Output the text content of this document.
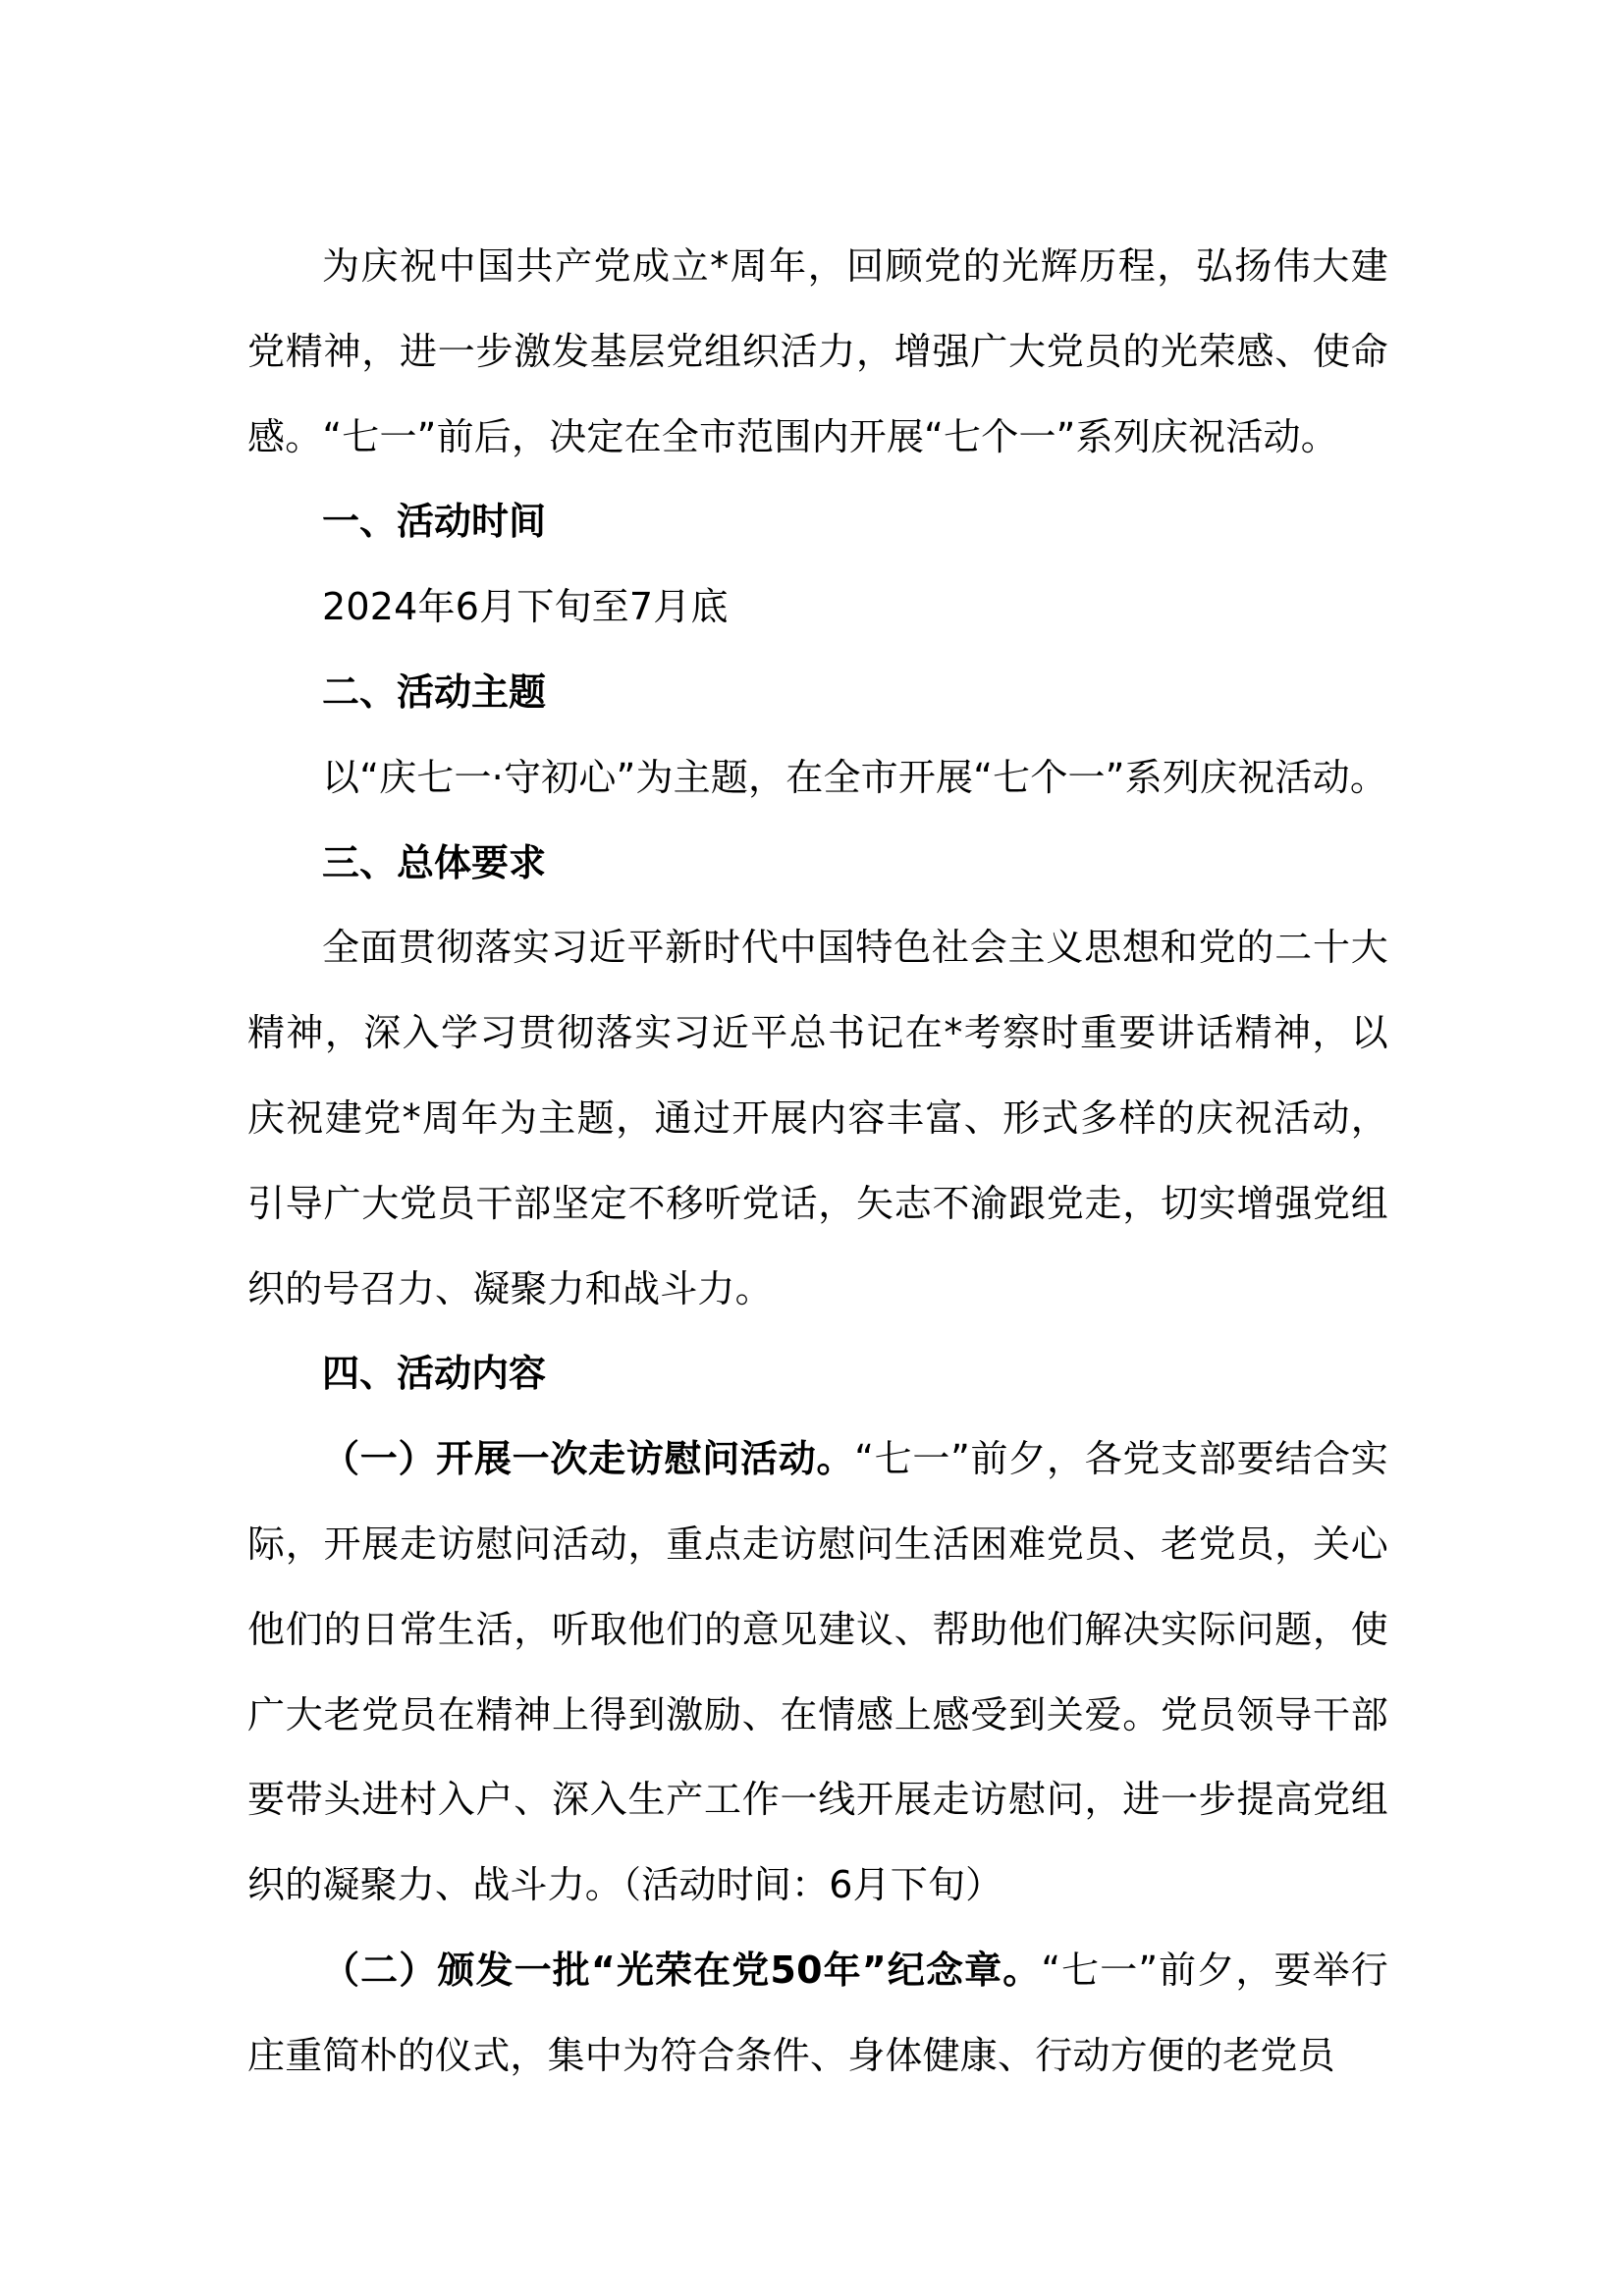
为庆祝中国共产党成立*周年，回顾党的光辉历程，弘扬伟大建党精神，进一步激发基层党组织活力，增强广大党员的光荣感、使命感。“七一”前后，决定在全市范围内开展“七个一”系列庆祝活动。

一、活动时间

2024年6月下旬至7月底

二、活动主题

以“庆七一·守初心”为主题，在全市开展“七个一”系列庆祝活动。

三、总体要求

全面贯彻落实习近平新时代中国特色社会主义思想和党的二十大精神，深入学习贯彻落实习近平总书记在*考察时重要讲话精神，以庆祝建党*周年为主题，通过开展内容丰富、形式多样的庆祝活动，引导广大党员干部坚定不移听党话，矢志不渝跟党走，切实增强党组织的号召力、凝聚力和战斗力。

四、活动内容

（一）开展一次走访慰问活动。“七一”前夕，各党支部要结合实际，开展走访慰问活动，重点走访慰问生活困难党员、老党员，关心他们的日常生活，听取他们的意见建议、帮助他们解决实际问题，使广大老党员在精神上得到激励、在情感上感受到关爱。党员领导干部要带头进村入户、深入生产工作一线开展走访慰问，进一步提高党组织的凝聚力、战斗力。（活动时间：6月下旬）

（二）颁发一批“光荣在党50年”纪念章。“七一”前夕，要举行庄重简朴的仪式，集中为符合条件、身体健康、行动方便的老党员
